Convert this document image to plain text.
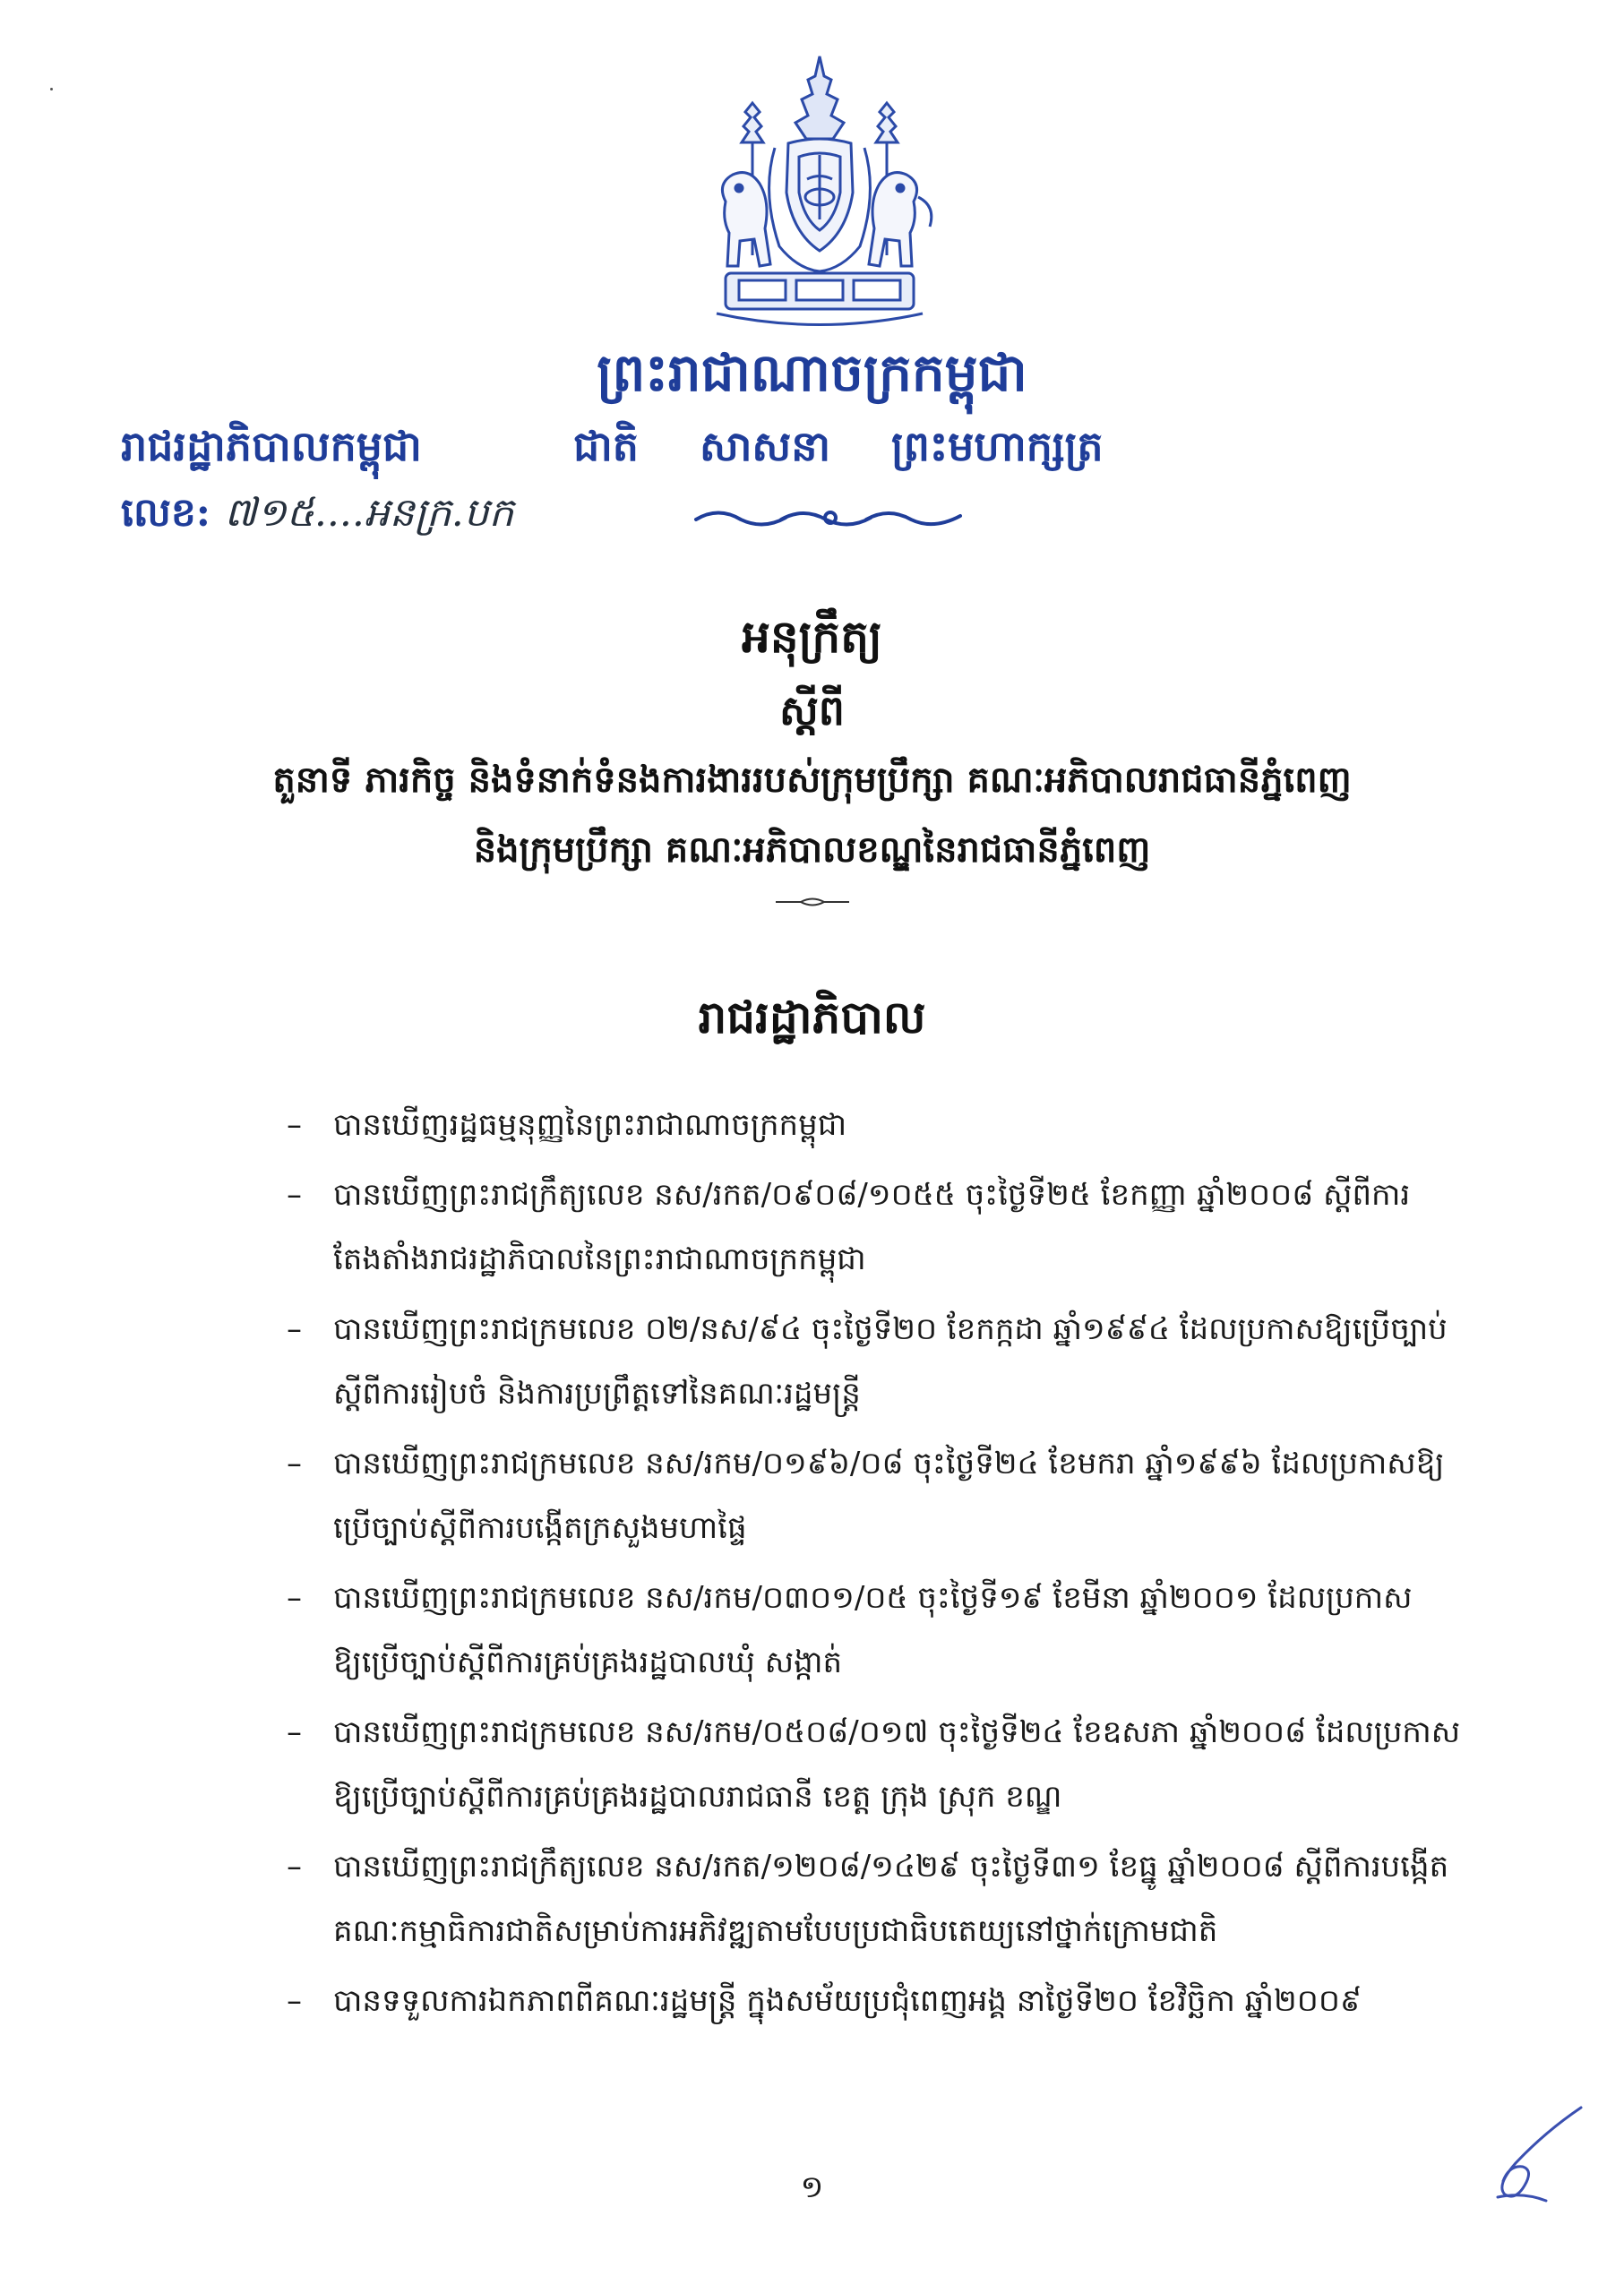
ព្រះរាជាណាចក្រកម្ពុជា
រាជរដ្ឋាភិបាលកម្ពុជា	ជាតិ សាសនា ព្រះមហាក្សត្រ
លេខ: ៧១៥....អនក្រ.បក
អនុក្រឹត្យ
ស្តីពី
តួនាទី ភារកិច្ច និងទំនាក់ទំនងការងាររបស់ក្រុមប្រឹក្សា គណៈអភិបាលរាជធានីភ្នំពេញ
និងក្រុមប្រឹក្សា គណៈអភិបាលខណ្ឌនៃរាជធានីភ្នំពេញ
រាជរដ្ឋាភិបាល
– បានឃើញរដ្ឋធម្មនុញ្ញនៃព្រះរាជាណាចក្រកម្ពុជា
– បានឃើញព្រះរាជក្រឹត្យលេខ នស/រកត/០៩០៨/១០៥៥ ចុះថ្ងៃទី២៥ ខែកញ្ញា ឆ្នាំ២០០៨ ស្តីពីការ
តែងតាំងរាជរដ្ឋាភិបាលនៃព្រះរាជាណាចក្រកម្ពុជា
– បានឃើញព្រះរាជក្រមលេខ ០២/នស/៩៤ ចុះថ្ងៃទី២០ ខែកក្កដា ឆ្នាំ១៩៩៤ ដែលប្រកាសឱ្យប្រើច្បាប់
ស្តីពីការរៀបចំ និងការប្រព្រឹត្តទៅនៃគណៈរដ្ឋមន្ត្រី
– បានឃើញព្រះរាជក្រមលេខ នស/រកម/០១៩៦/០៨ ចុះថ្ងៃទី២៤ ខែមករា ឆ្នាំ១៩៩៦ ដែលប្រកាសឱ្យ
ប្រើច្បាប់ស្តីពីការបង្កើតក្រសួងមហាផ្ទៃ
– បានឃើញព្រះរាជក្រមលេខ នស/រកម/០៣០១/០៥ ចុះថ្ងៃទី១៩ ខែមីនា ឆ្នាំ២០០១ ដែលប្រកាស
ឱ្យប្រើច្បាប់ស្តីពីការគ្រប់គ្រងរដ្ឋបាលឃុំ សង្កាត់
– បានឃើញព្រះរាជក្រមលេខ នស/រកម/០៥០៨/០១៧ ចុះថ្ងៃទី២៤ ខែឧសភា ឆ្នាំ២០០៨ ដែលប្រកាស
ឱ្យប្រើច្បាប់ស្តីពីការគ្រប់គ្រងរដ្ឋបាលរាជធានី ខេត្ត ក្រុង ស្រុក ខណ្ឌ
– បានឃើញព្រះរាជក្រឹត្យលេខ នស/រកត/១២០៨/១៤២៩ ចុះថ្ងៃទី៣១ ខែធ្នូ ឆ្នាំ២០០៨ ស្តីពីការបង្កើត
គណៈកម្មាធិការជាតិសម្រាប់ការអភិវឌ្ឍតាមបែបប្រជាធិបតេយ្យនៅថ្នាក់ក្រោមជាតិ
– បានទទួលការឯកភាពពីគណៈរដ្ឋមន្ត្រី ក្នុងសម័យប្រជុំពេញអង្គ នាថ្ងៃទី២០ ខែវិច្ឆិកា ឆ្នាំ២០០៩
១
